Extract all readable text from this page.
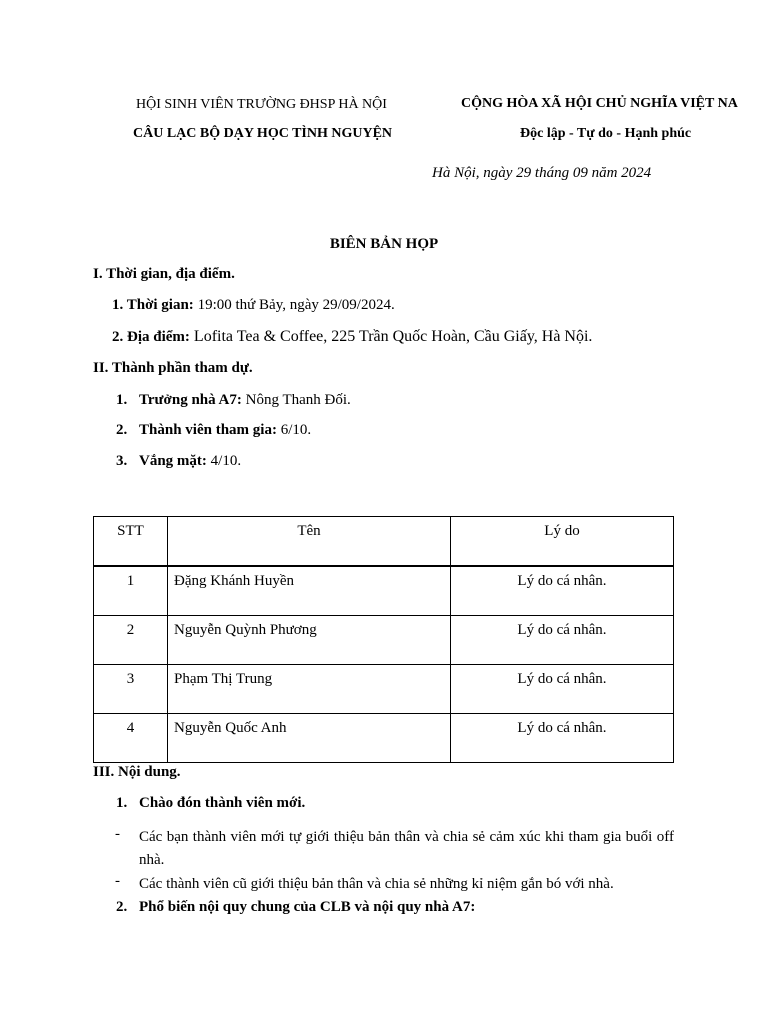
HỘI SINH VIÊN TRƯỜNG ĐHSP HÀ NỘI
CÂU LẠC BỘ DẠY HỌC TÌNH NGUYỆN
CỘNG HÒA XÃ HỘI CHỦ NGHĨA VIỆT NA
Độc lập - Tự do - Hạnh phúc
Hà Nội, ngày 29 tháng 09 năm 2024
BIÊN BẢN HỌP
I. Thời gian, địa điểm.
1. Thời gian: 19:00 thứ Bảy, ngày 29/09/2024.
2. Địa điểm: Lofita Tea & Coffee, 225 Trần Quốc Hoàn, Cầu Giấy, Hà Nội.
II. Thành phần tham dự.
1. Trưởng nhà A7: Nông Thanh Đối.
2. Thành viên tham gia: 6/10.
3. Vắng mặt: 4/10.
STT	Tên	Lý do
1	Đặng Khánh Huyền	Lý do cá nhân.
2	Nguyễn Quỳnh Phương	Lý do cá nhân.
3	Phạm Thị Trung	Lý do cá nhân.
4	Nguyễn Quốc Anh	Lý do cá nhân.
III. Nội dung.
1. Chào đón thành viên mới.
- Các bạn thành viên mới tự giới thiệu bản thân và chia sẻ cảm xúc khi tham gia buổi off nhà.
- Các thành viên cũ giới thiệu bản thân và chia sẻ những kỉ niệm gắn bó với nhà.
2. Phổ biến nội quy chung của CLB và nội quy nhà A7:
